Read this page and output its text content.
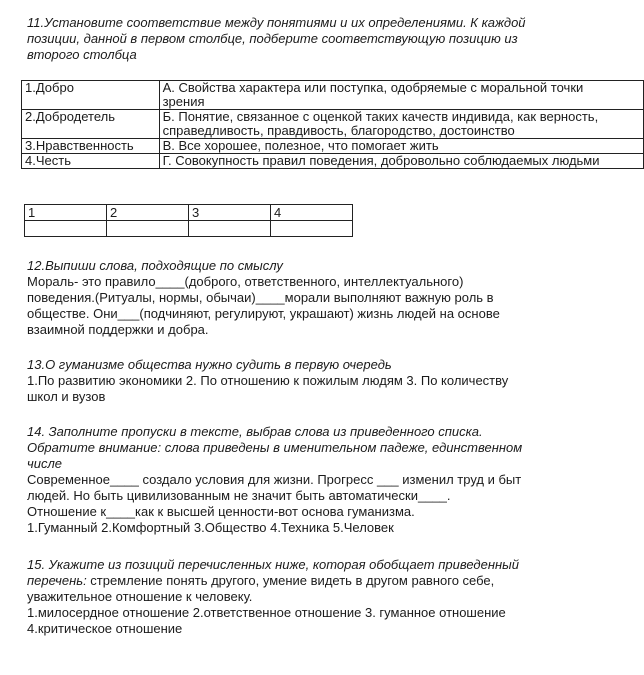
11.Установите соответствие между понятиями и их определениями. К каждой
позиции, данной в первом столбце, подберите соответствующую позицию из
второго столбца
1.Добро	А. Свойства характера или поступка, одобряемые с моральной точки
зрения

2.Добродетель	Б. Понятие, связанное с оценкой таких качеств индивида, как верность,
справедливость, правдивость, благородство, достоинство

3.Нравственность	В. Все хорошее, полезное, что помогает жить

4.Честь	Г. Совокупность правил поведения, добровольно соблюдаемых людьми
1	2	3	4

12.Выпиши слова, подходящие по смыслу
Мораль- это правило____(доброго, ответственного, интеллектуального)
поведения.(Ритуалы, нормы, обычаи)____морали выполняют важную роль в
обществе. Они___(подчиняют, регулируют, украшают) жизнь людей на основе
взаимной поддержки и добра.
13.О гуманизме общества нужно судить в первую очередь
1.По развитию экономики 2. По отношению к пожилым людям 3. По количеству
школ и вузов
14. Заполните пропуски в тексте, выбрав слова из приведенного списка.
Обратите внимание: слова приведены в именительном падеже, единственном
числе
Современное____ создало условия для жизни. Прогресс ___ изменил труд и быт
людей. Но быть цивилизованным не значит быть автоматически____.
Отношение к____как к высшей ценности-вот основа гуманизма.
1.Гуманный 2.Комфортный 3.Общество 4.Техника 5.Человек
15. Укажите из позиций перечисленных ниже, которая обобщает приведенный
перечень: стремление понять другого, умение видеть в другом равного себе,
уважительное отношение к человеку.
1.милосердное отношение 2.ответственное отношение 3. гуманное отношение
4.критическое отношение
